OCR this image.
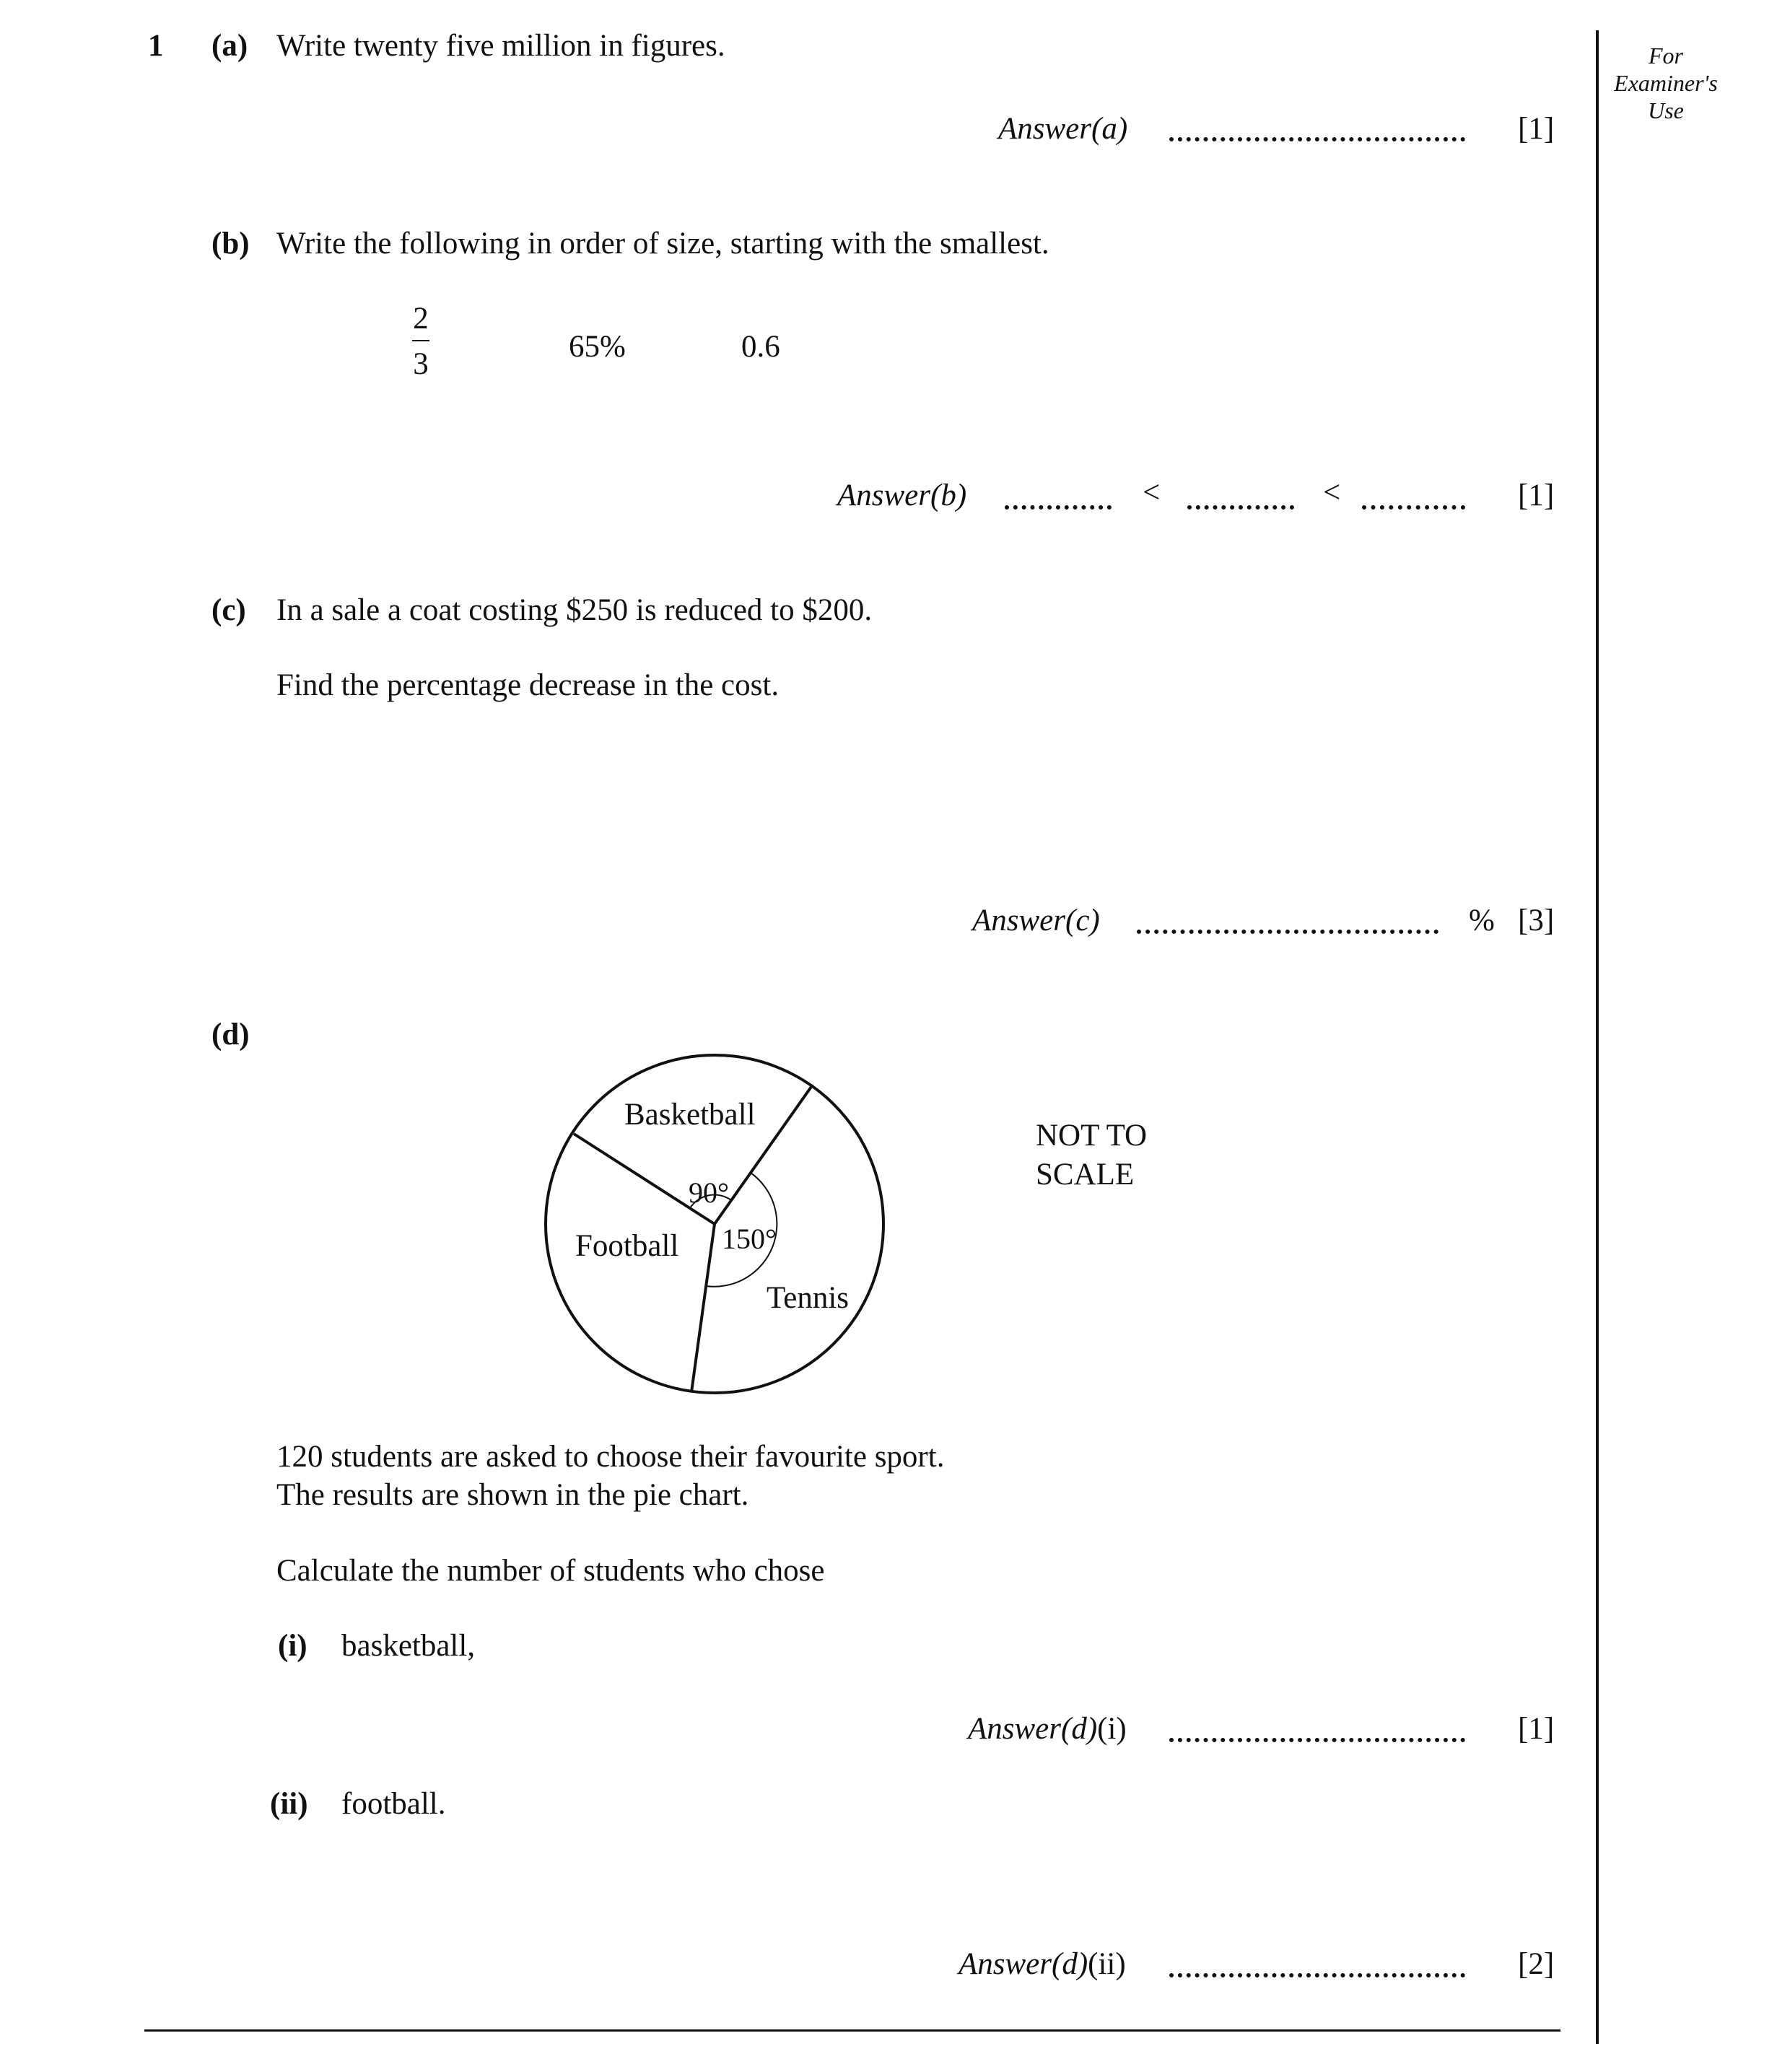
For
Examiner's
Use
1 (a) Write twenty five million in figures.
Answer(a)	[1]
(b) Write the following in order of size, starting with the smallest.
2
3
65%	0.6
Answer(b)	<	<	[1]
(c) In a sale a coat costing $250 is reduced to $200.
Find the percentage decrease in the cost.
Answer(c)	% [3]
(d)
Basketball
Football
Tennis
90°
150°
NOT TO
SCALE
120 students are asked to choose their favourite sport.
The results are shown in the pie chart.
Calculate the number of students who chose
(i) basketball,
Answer(d)(i)	[1]
(ii) football.
Answer(d)(ii)	[2]
